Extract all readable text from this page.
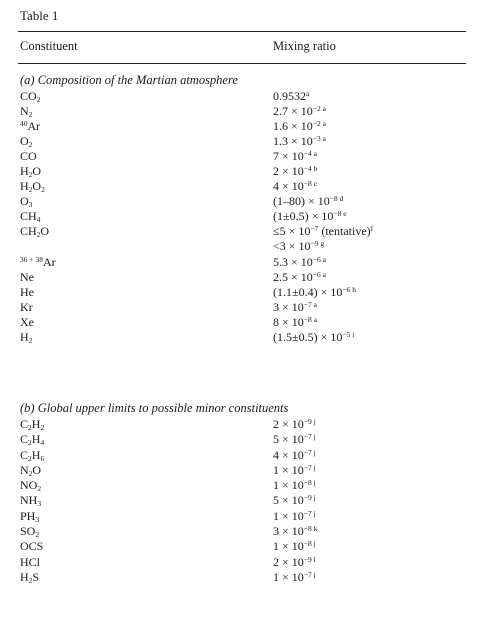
Table 1
Constituent	Mixing ratio
(a) Composition of the Martian atmosphere
$CO_2$	0.9532$^a$
$N_2$	$2.7 \times 10^{-2 a}$
$^{40}$Ar	$1.6 \times 10^{-2 a}$
$O_2$	$1.3 \times 10^{-3 a}$
CO	$7 \times 10^{-4 a}$
$H_2O$	$2 \times 10^{-4 b}$
$H_2O_2$	$4 \times 10^{-8 c}$
$O_3$	$(1-80) \times 10^{-8 d}$
$CH_4$	$(1\pm 0.5) \times 10^{-8 e}$
$CH_2O$	$\le 5 \times 10^{-7}$ (tentative)$^f$
$<3 \times 10^{-9 g}$
$^{36 + 38}$Ar	$5.3 \times 10^{-6 a}$
Ne	$2.5 \times 10^{-6 a}$
He	$(1.1\pm 0.4) \times 10^{-6 h}$
Kr	$3 \times 10^{-7 a}$
Xe	$8 \times 10^{-8 a}$
$H_2$	$(1.5\pm 0.5) \times 10^{-5 i}$
(b) Global upper limits to possible minor constituents
$C_2H_2$	$2 \times 10^{-9 j}$
$C_2H_4$	$5 \times 10^{-7 j}$
$C_2H_6$	$4 \times 10^{-7 j}$
$N_2O$	$1 \times 10^{-7 j}$
$NO_2$	$1 \times 10^{-8 j}$
$NH_3$	$5 \times 10^{-9 j}$
$PH_3$	$1 \times 10^{-7 j}$
$SO_2$	$3 \times 10^{-8 k}$
OCS	$1 \times 10^{-8 j}$
HCl	$2 \times 10^{-9 l}$
$H_2S$	$1 \times 10^{-7 j}$
